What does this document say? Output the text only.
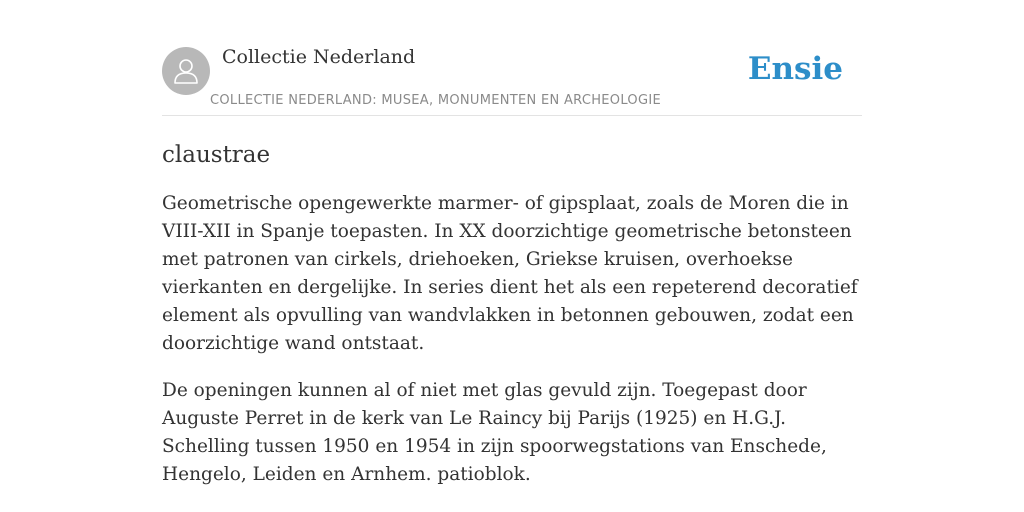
Collectie Nederland
COLLECTIE NEDERLAND: MUSEA, MONUMENTEN EN ARCHEOLOGIE
Ensie
claustrae

Geometrische opengewerkte marmer- of gipsplaat, zoals de Moren die in VIII-XII in Spanje toepasten. In XX doorzichtige geometrische betonsteen met patronen van cirkels, driehoeken, Griekse kruisen, overhoekse vierkanten en dergelijke. In series dient het als een repeterend decoratief element als opvulling van wandvlakken in betonnen gebouwen, zodat een doorzichtige wand ontstaat.

De openingen kunnen al of niet met glas gevuld zijn. Toegepast door Auguste Perret in de kerk van Le Raincy bij Parijs (1925) en H.G.J. Schelling tussen 1950 en 1954 in zijn spoorwegstations van Enschede, Hengelo, Leiden en Arnhem. patioblok.
